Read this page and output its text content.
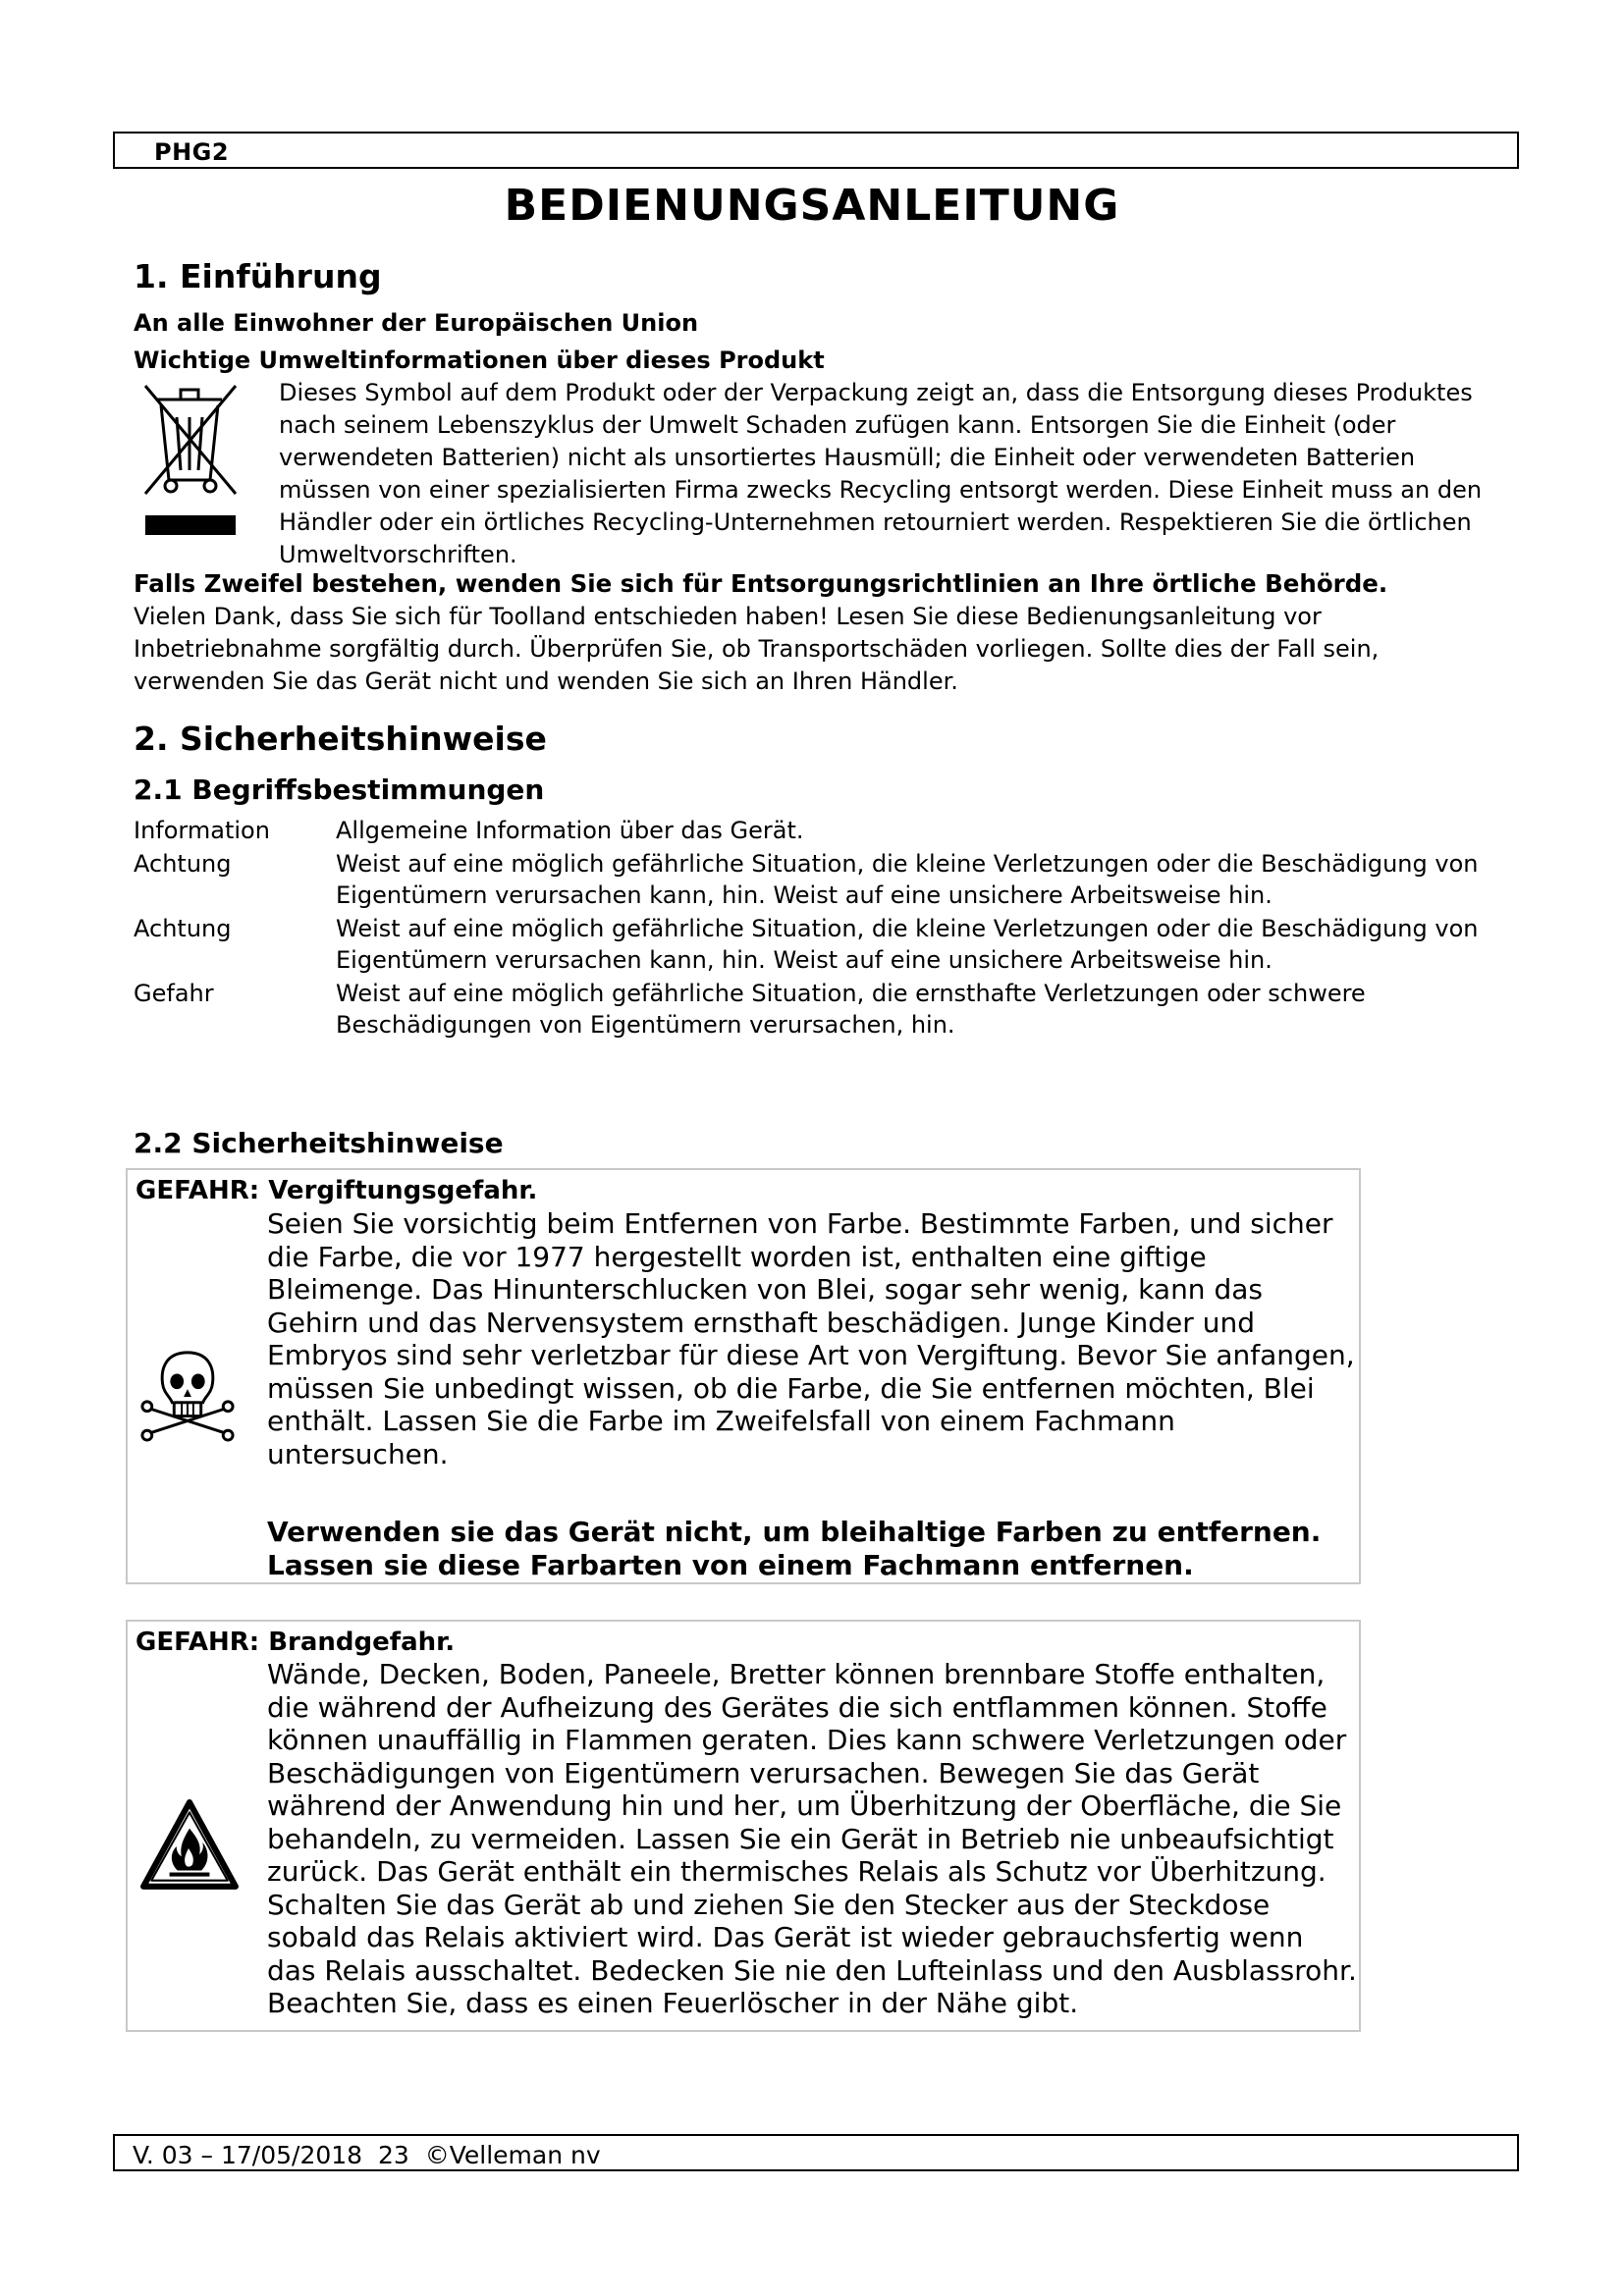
PHG2
BEDIENUNGSANLEITUNG
1. Einführung

An alle Einwohner der Europäischen Union

Wichtige Umweltinformationen über dieses Produkt

Dieses Symbol auf dem Produkt oder der Verpackung zeigt an, dass die Entsorgung dieses Produktes nach seinem Lebenszyklus der Umwelt Schaden zufügen kann. Entsorgen Sie die Einheit (oder verwendeten Batterien) nicht als unsortiertes Hausmüll; die Einheit oder verwendeten Batterien müssen von einer spezialisierten Firma zwecks Recycling entsorgt werden. Diese Einheit muss an den Händler oder ein örtliches Recycling-Unternehmen retourniert werden. Respektieren Sie die örtlichen Umweltvorschriften.

Falls Zweifel bestehen, wenden Sie sich für Entsorgungsrichtlinien an Ihre örtliche Behörde.

Vielen Dank, dass Sie sich für Toolland entschieden haben! Lesen Sie diese Bedienungsanleitung vor Inbetriebnahme sorgfältig durch. Überprüfen Sie, ob Transportschäden vorliegen. Sollte dies der Fall sein, verwenden Sie das Gerät nicht und wenden Sie sich an Ihren Händler.

2. Sicherheitshinweise
2.1 Begriffsbestimmungen
Information	Allgemeine Information über das Gerät.
Achtung	Weist auf eine möglich gefährliche Situation, die kleine Verletzungen oder die Beschädigung von Eigentümern verursachen kann, hin. Weist auf eine unsichere Arbeitsweise hin.
Achtung	Weist auf eine möglich gefährliche Situation, die kleine Verletzungen oder die Beschädigung von Eigentümern verursachen kann, hin. Weist auf eine unsichere Arbeitsweise hin.
Gefahr	Weist auf eine möglich gefährliche Situation, die ernsthafte Verletzungen oder schwere Beschädigungen von Eigentümern verursachen, hin.
2.2 Sicherheitshinweise

GEFAHR: Vergiftungsgefahr.

Seien Sie vorsichtig beim Entfernen von Farbe. Bestimmte Farben, und sicher die Farbe, die vor 1977 hergestellt worden ist, enthalten eine giftige Bleimenge. Das Hinunterschlucken von Blei, sogar sehr wenig, kann das Gehirn und das Nervensystem ernsthaft beschädigen. Junge Kinder und Embryos sind sehr verletzbar für diese Art von Vergiftung. Bevor Sie anfangen, müssen Sie unbedingt wissen, ob die Farbe, die Sie entfernen möchten, Blei enthält. Lassen Sie die Farbe im Zweifelsfall von einem Fachmann untersuchen.

Verwenden sie das Gerät nicht, um bleihaltige Farben zu entfernen. Lassen sie diese Farbarten von einem Fachmann entfernen.

GEFAHR: Brandgefahr.

Wände, Decken, Boden, Paneele, Bretter können brennbare Stoffe enthalten, die während der Aufheizung des Gerätes die sich entflammen können. Stoffe können unauffällig in Flammen geraten. Dies kann schwere Verletzungen oder Beschädigungen von Eigentümern verursachen. Bewegen Sie das Gerät während der Anwendung hin und her, um Überhitzung der Oberfläche, die Sie behandeln, zu vermeiden. Lassen Sie ein Gerät in Betrieb nie unbeaufsichtigt zurück. Das Gerät enthält ein thermisches Relais als Schutz vor Überhitzung. Schalten Sie das Gerät ab und ziehen Sie den Stecker aus der Steckdose sobald das Relais aktiviert wird. Das Gerät ist wieder gebrauchsfertig wenn das Relais ausschaltet. Bedecken Sie nie den Lufteinlass und den Ausblassrohr. Beachten Sie, dass es einen Feuerlöscher in der Nähe gibt.

V. 03 – 17/05/2018 23 ©Velleman nv
